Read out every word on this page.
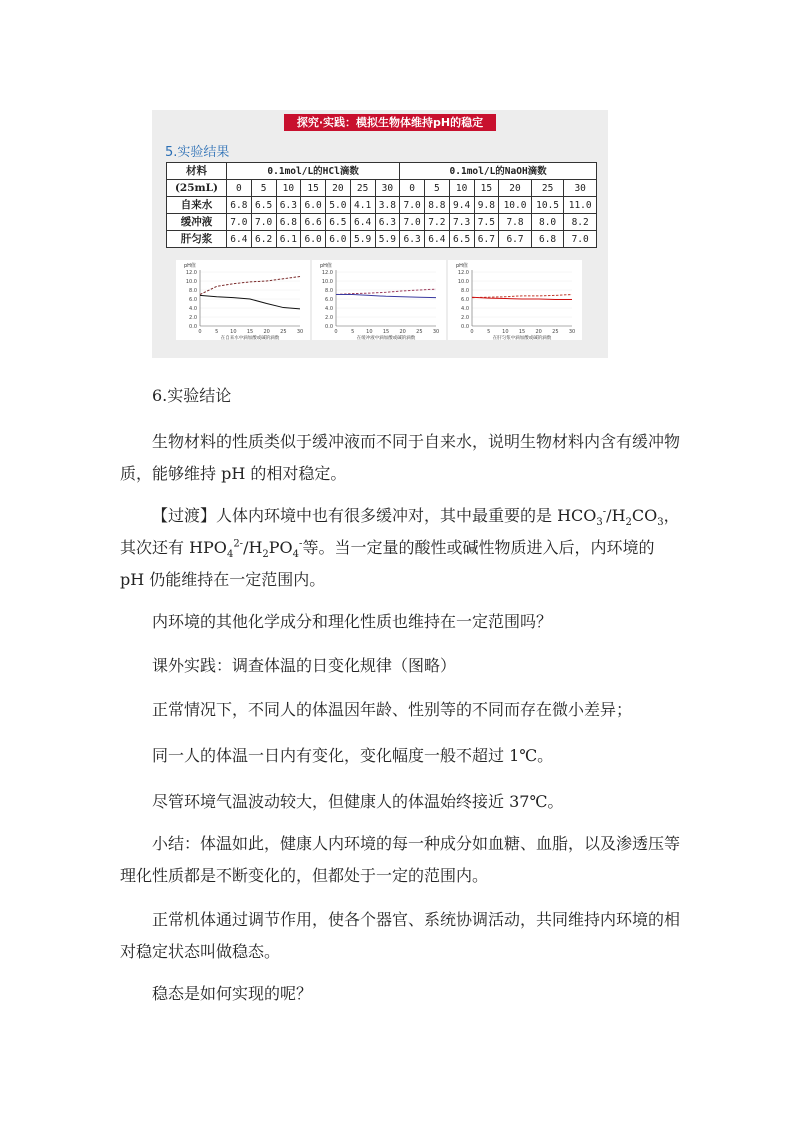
探究·实践：模拟生物体维持pH的稳定
5.实验结果
材料	0.1mol/L的HCl滴数							0.1mol/L的NaOH滴数						
(25mL)	0	5	10	15	20	25	30	0	5	10	15	20	25	30
自来水	6.8	6.5	6.3	6.0	5.0	4.1	3.8	7.0	8.8	9.4	9.8	10.0	10.5	11.0
缓冲液	7.0	7.0	6.8	6.6	6.5	6.4	6.3	7.0	7.2	7.3	7.5	7.8	8.0	8.2
肝匀浆	6.4	6.2	6.1	6.0	6.0	5.9	5.9	6.3	6.4	6.5	6.7	6.7	6.8	7.0
0.0
2.0
4.0
6.0
8.0
10.0
12.0
0	5 10 15 20 25 30
pH值
在自来水中滴加酸或碱的滴数
0.0
2.0
4.0
6.0
8.0
10.0
12.0
0	5 10 15 20 25 30
pH值
在缓冲液中滴加酸或碱的滴数
0.0
2.0
4.0
6.0
8.0
10.0
12.0
0	5 10 15 20 25 30
pH值
在肝匀浆中滴加酸或碱的滴数

6.实验结论

生物材料的性质类似于缓冲液而不同于自来水，说明生物材料内含有缓冲物质，能够维持 pH 的相对稳定。

【过渡】人体内环境中也有很多缓冲对，其中最重要的是 $HCO_3^-/H_2CO_3$，其次还有 $HPO_4^{2-}/H_2PO_4^-$等。当一定量的酸性或碱性物质进入后，内环境的 pH 仍能维持在一定范围内。

内环境的其他化学成分和理化性质也维持在一定范围吗？

课外实践：调查体温的日变化规律（图略）

正常情况下，不同人的体温因年龄、性别等的不同而存在微小差异；

同一人的体温一日内有变化，变化幅度一般不超过 1℃。

尽管环境气温波动较大，但健康人的体温始终接近 37℃。

小结：体温如此，健康人内环境的每一种成分如血糖、血脂，以及渗透压等理化性质都是不断变化的，但都处于一定的范围内。

正常机体通过调节作用，使各个器官、系统协调活动，共同维持内环境的相对稳定状态叫做稳态。

稳态是如何实现的呢？
